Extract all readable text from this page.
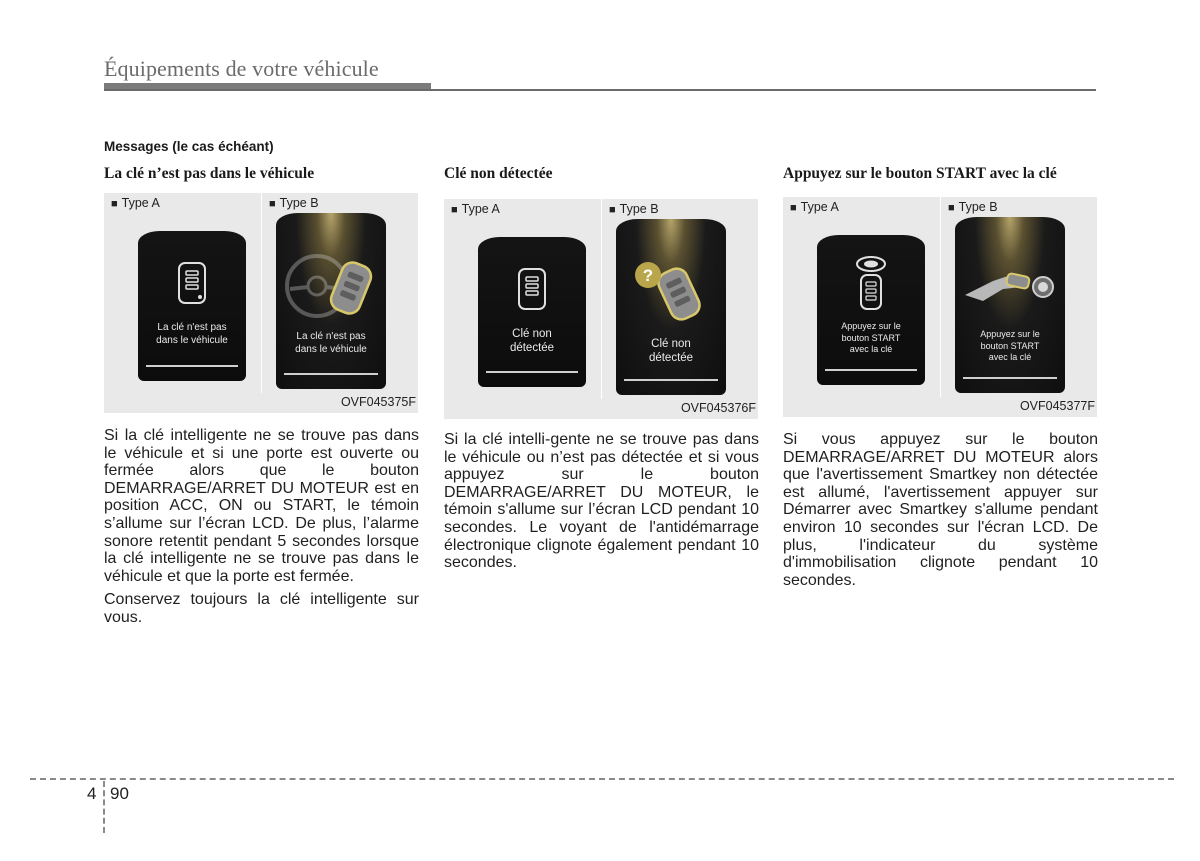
Équipements de votre véhicule
Messages (le cas échéant)
La clé n’est pas dans le véhicule
■ Type A	■ Type B
La clé n'est pas
dans le véhicule	La clé n'est pas
dans le véhicule
OVF045375F

Si la clé intelligente ne se trouve pas dans le véhicule et si une porte est ouverte ou fermée alors que le bouton DEMARRAGE/ARRET DU MOTEUR est en position ACC, ON ou START, le témoin s’allume sur l’écran LCD. De plus, l’alarme sonore retentit pendant 5 secondes lorsque la clé intelligente ne se trouve pas dans le véhicule et que la porte est fermée.

Conservez toujours la clé intelligente sur vous.

Clé non détectée
■ Type A	■ Type B
Clé non
détectée
?
Clé non
détectée
OVF045376F

Si la clé intelli-gente ne se trouve pas dans le véhicule ou n’est pas détectée et si vous appuyez sur le bouton DEMARRAGE/ARRET DU MOTEUR, le témoin s'allume sur l’écran LCD pendant 10 secondes. Le voyant de l'antidémarrage électronique clignote également pendant 10 secondes.

Appuyez sur le bouton START avec la clé
■ Type A	■ Type B
Appuyez sur le
bouton START
avec la clé
Appuyez sur le
bouton START
avec la clé
OVF045377F

Si vous appuyez sur le bouton DEMARRAGE/ARRET DU MOTEUR alors que l'avertissement Smartkey non détectée est allumé, l'avertissement appuyer sur Démarrer avec Smartkey s'allume pendant environ 10 secondes sur l'écran LCD. De plus, l'indicateur du système d'immobilisation clignote pendant 10 secondes.

4 90
